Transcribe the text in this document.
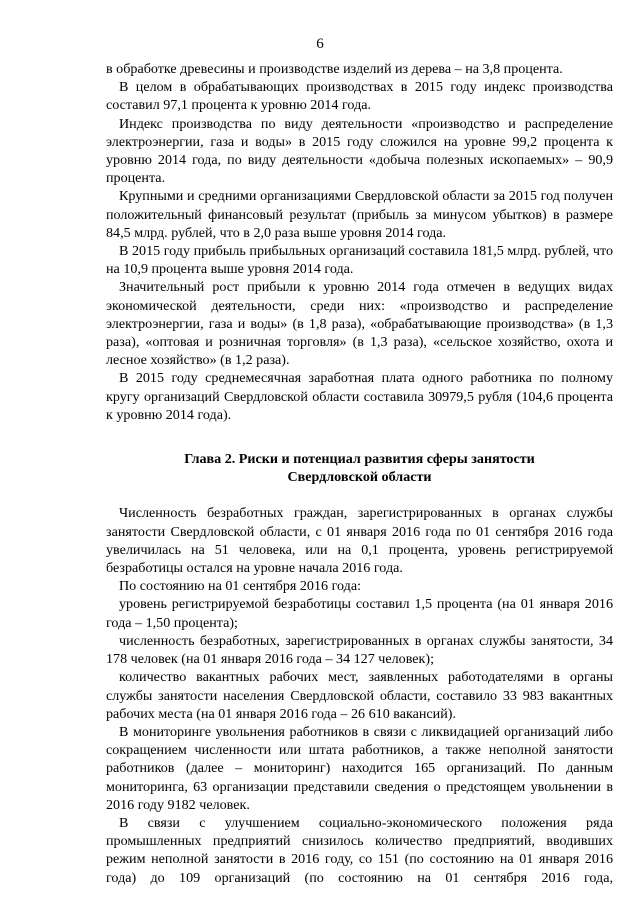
6

в обработке древесины и производстве изделий из дерева – на 3,8 процента.

В целом в обрабатывающих производствах в 2015 году индекс производства составил 97,1 процента к уровню 2014 года.

Индекс производства по виду деятельности «производство и распределение электроэнергии, газа и воды» в 2015 году сложился на уровне 99,2 процента к уровню 2014 года, по виду деятельности «добыча полезных ископаемых» – 90,9 процента.

Крупными и средними организациями Свердловской области за 2015 год получен положительный финансовый результат (прибыль за минусом убытков) в размере 84,5 млрд. рублей, что в 2,0 раза выше уровня 2014 года.

В 2015 году прибыль прибыльных организаций составила 181,5 млрд. рублей, что на 10,9 процента выше уровня 2014 года.

Значительный рост прибыли к уровню 2014 года отмечен в ведущих видах экономической деятельности, среди них: «производство и распределение электроэнергии, газа и воды» (в 1,8 раза), «обрабатывающие производства» (в 1,3 раза), «оптовая и розничная торговля» (в 1,3 раза), «сельское хозяйство, охота и лесное хозяйство» (в 1,2 раза).

В 2015 году среднемесячная заработная плата одного работника по полному кругу организаций Свердловской области составила 30979,5 рубля (104,6 процента к уровню 2014 года).

Глава 2. Риски и потенциал развития сферы занятости
Свердловской области

Численность безработных граждан, зарегистрированных в органах службы занятости Свердловской области, с 01 января 2016 года по 01 сентября 2016 года увеличилась на 51 человека, или на 0,1 процента, уровень регистрируемой безработицы остался на уровне начала 2016 года.

По состоянию на 01 сентября 2016 года:

уровень регистрируемой безработицы составил 1,5 процента (на 01 января 2016 года – 1,50 процента);

численность безработных, зарегистрированных в органах службы занятости, 34 178 человек (на 01 января 2016 года – 34 127 человек);

количество вакантных рабочих мест, заявленных работодателями в органы службы занятости населения Свердловской области, составило 33 983 вакантных рабочих места (на 01 января 2016 года – 26 610 вакансий).

В мониторинге увольнения работников в связи с ликвидацией организаций либо сокращением численности или штата работников, а также неполной занятости работников (далее – мониторинг) находится 165 организаций. По данным мониторинга, 63 организации представили сведения о предстоящем увольнении в 2016 году 9182 человек.

В связи с улучшением социально-экономического положения ряда промышленных предприятий снизилось количество предприятий, вводивших режим неполной занятости в 2016 году, со 151 (по состоянию на 01 января 2016 года) до 109 организаций (по состоянию на 01 сентября 2016 года,
